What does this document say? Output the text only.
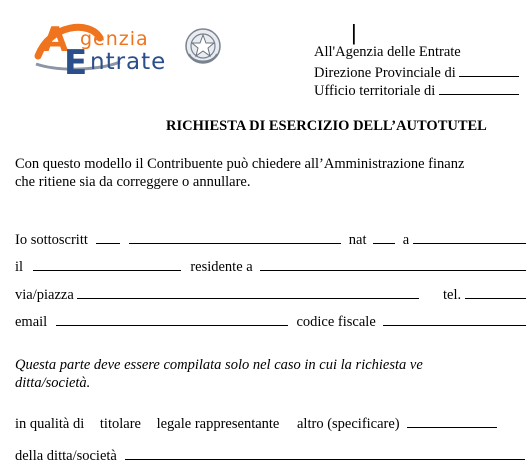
A genzia
E ntrate
|
All'Agenzia delle Entrate
Direzione Provinciale di
Ufficio territoriale di
RICHIESTA DI ESERCIZIO DELL’AUTOTUTEL
Con questo modello il Contribuente può chiedere all’Amministrazione finanz
che ritiene sia da correggere o annullare.
Io sottoscritt	nat	a
il	residente a
via/piazza	tel.
email	codice fiscale
Questa parte deve essere compilata solo nel caso in cui la richiesta ve
ditta/società.
in qualità di titolare legale rappresentante altro (specificare)
della ditta/società
